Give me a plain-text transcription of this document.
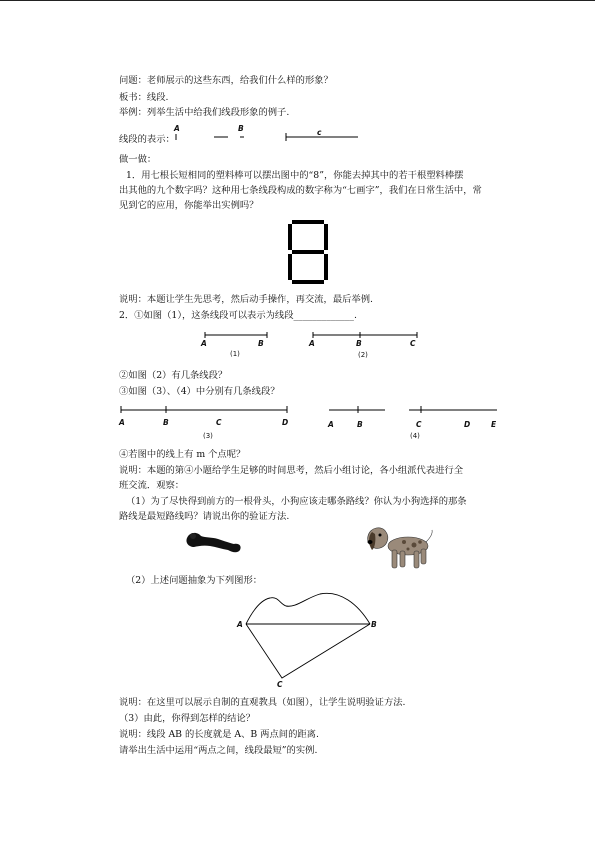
问题：老师展示的这些东西，给我们什么样的形象？
板书：线段.
举例：列举生活中给我们线段形象的例子.
线段的表示：
A	B	c
做一做：
1．用七根长短相同的塑料棒可以摆出图中的“8”，你能去掉其中的若干根塑料棒摆
出其他的九个数字吗？这种用七条线段构成的数字称为“七画字”，我们在日常生活中，常
见到它的应用，你能举出实例吗？
说明：本题让学生先思考，然后动手操作，再交流，最后举例.
2．①如图（1），这条线段可以表示为线段_____________.
A	B
(1)
A	B	C
(2)
②如图（2）有几条线段？
③如图（3）、（4）中分别有几条线段？
A	B	C	D
(3)
A	B	C	D	E
(4)
④若图中的线上有 m 个点呢？
说明：本题的第④小题给学生足够的时间思考，然后小组讨论，各小组派代表进行全
班交流．观察：
（1）为了尽快得到前方的一根骨头，小狗应该走哪条路线？你认为小狗选择的那条
路线是最短路线吗？请说出你的验证方法.
（2）上述问题抽象为下列图形：
A	B
C
说明：在这里可以展示自制的直观教具（如图），让学生说明验证方法.
（3）由此，你得到怎样的结论？
说明：线段 AB 的长度就是 A、B 两点间的距离.
请举出生活中运用“两点之间，线段最短”的实例.
